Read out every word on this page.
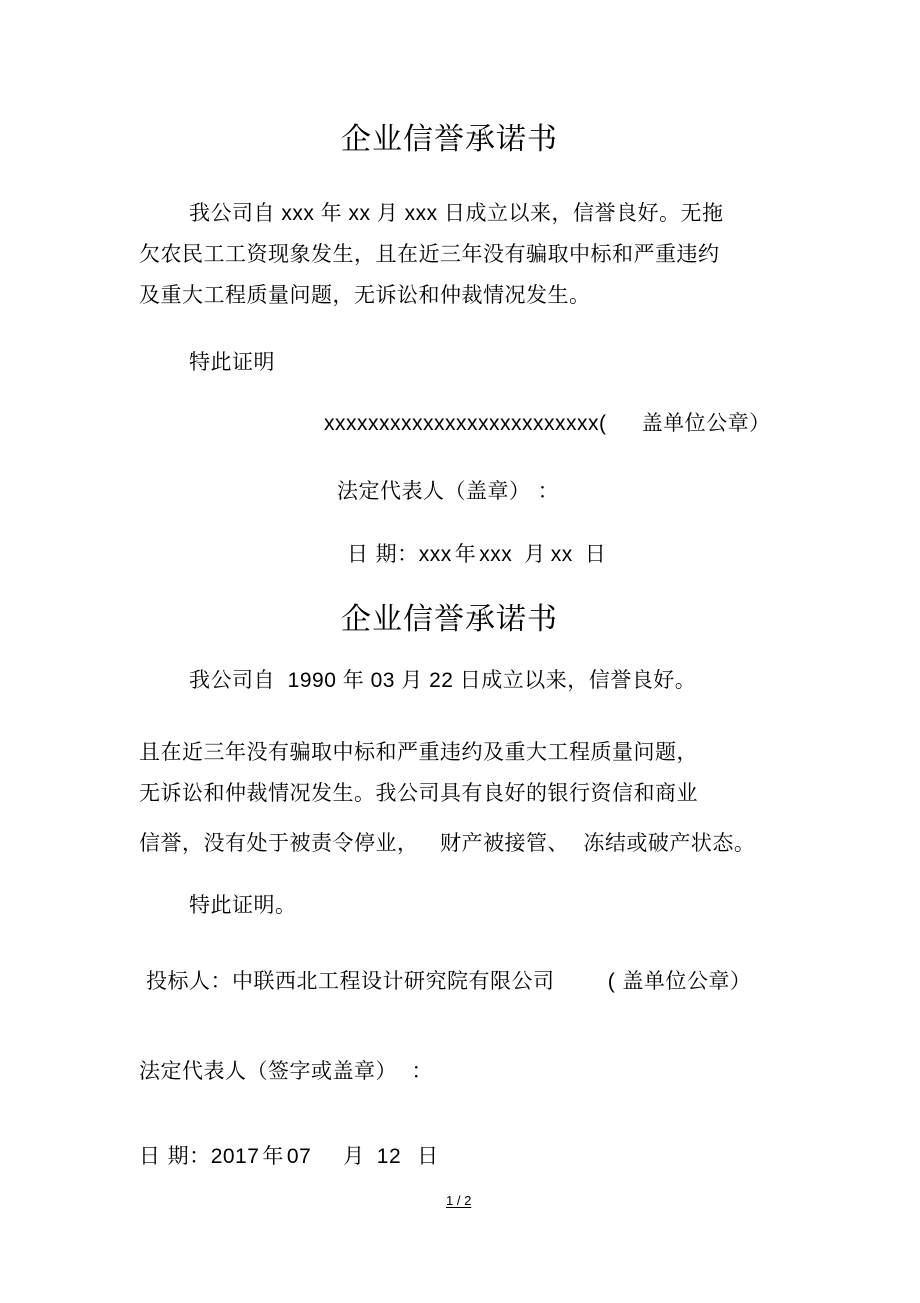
企业信誉承诺书
我公司自 xxx 年 xx 月 xxx 日成立以来，信誉良好。无拖
欠农民工工资现象发生，且在近三年没有骗取中标和严重违约
及重大工程质量问题，无诉讼和仲裁情况发生。
特此证明
xxxxxxxxxxxxxxxxxxxxxxxxx( 盖单位公章）
法定代表人（盖章） ：
日 期：xxx 年 xxx 月 xx 日
企业信誉承诺书
我公司自  1990 年 03 月 22 日成立以来，信誉良好。
且在近三年没有骗取中标和严重违约及重大工程质量问题，
无诉讼和仲裁情况发生。我公司具有良好的银行资信和商业
信誉，没有处于被责令停业，   财产被接管、  冻结或破产状态。
特此证明。
投标人：中联西北工程设计研究院有限公司	( 盖单位公章）
法定代表人（签字或盖章）  ：
日 期：2017 年 07 月 12 日
1 / 2
